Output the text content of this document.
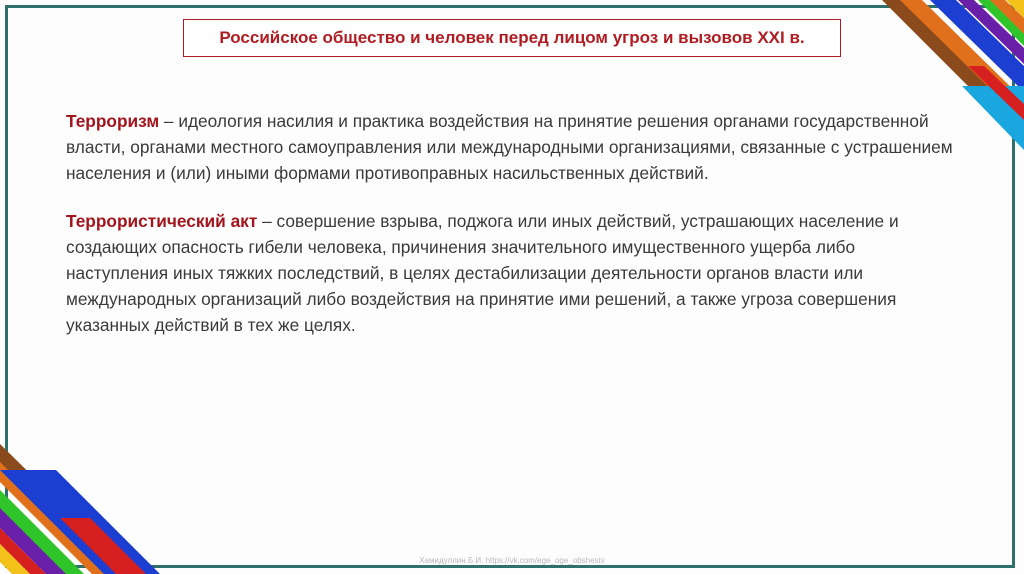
Российское общество и человек перед лицом угроз и вызовов XXI в.

Терроризм – идеология насилия и практика воздействия на принятие решения органами государственной власти, органами местного самоуправления или международными организациями, связанные с устрашением населения и (или) иными формами противоправных насильственных действий.

Террористический акт – совершение взрыва, поджога или иных действий, устрашающих население и создающих опасность гибели человека, причинения значительного имущественного ущерба либо наступления иных тяжких последствий, в целях дестабилизации деятельности органов власти или международных организаций либо воздействия на принятие ими решений, а также угроза совершения указанных действий в тех же целях.

Хамидуллин Б.И. https://vk.com/ege_oge_obshestv
